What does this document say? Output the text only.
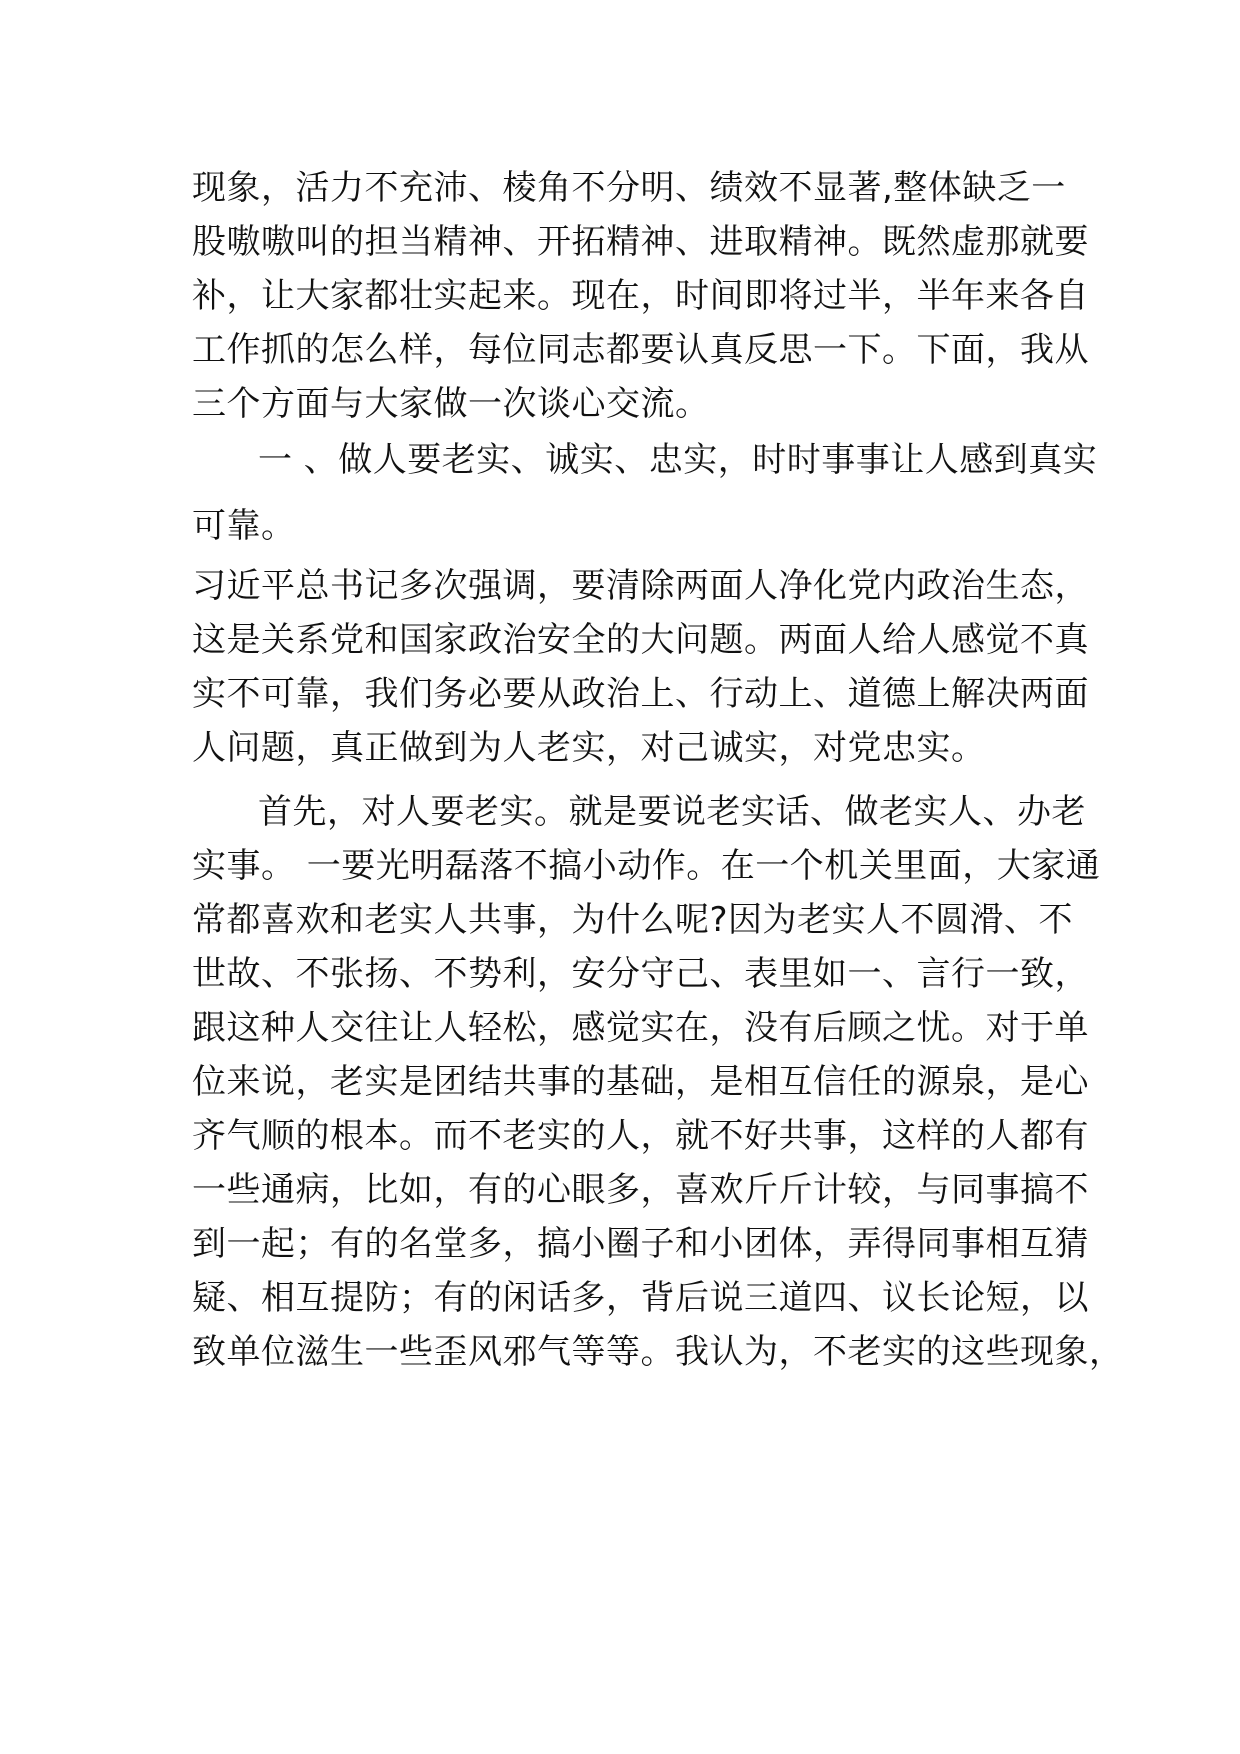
现象，活力不充沛、棱角不分明、绩效不显著,整体缺乏一
股嗷嗷叫的担当精神、开拓精神、进取精神。既然虚那就要
补，让大家都壮实起来。现在，时间即将过半，半年来各自
工作抓的怎么样，每位同志都要认真反思一下。下面，我从
三个方面与大家做一次谈心交流。
一 、做人要老实、诚实、忠实，时时事事让人感到真实
可靠。
习近平总书记多次强调，要清除两面人净化党内政治生态，
这是关系党和国家政治安全的大问题。两面人给人感觉不真
实不可靠，我们务必要从政治上、行动上、道德上解决两面
人问题，真正做到为人老实，对己诚实，对党忠实。
首先，对人要老实。就是要说老实话、做老实人、办老
实事。 一要光明磊落不搞小动作。在一个机关里面，大家通
常都喜欢和老实人共事，为什么呢?因为老实人不圆滑、不
世故、不张扬、不势利，安分守己、表里如一、言行一致，
跟这种人交往让人轻松，感觉实在，没有后顾之忧。对于单
位来说，老实是团结共事的基础，是相互信任的源泉，是心
齐气顺的根本。而不老实的人，就不好共事，这样的人都有
一些通病，比如，有的心眼多，喜欢斤斤计较，与同事搞不
到一起；有的名堂多，搞小圈子和小团体，弄得同事相互猜
疑、相互提防；有的闲话多，背后说三道四、议长论短，以
致单位滋生一些歪风邪气等等。我认为，不老实的这些现象，
